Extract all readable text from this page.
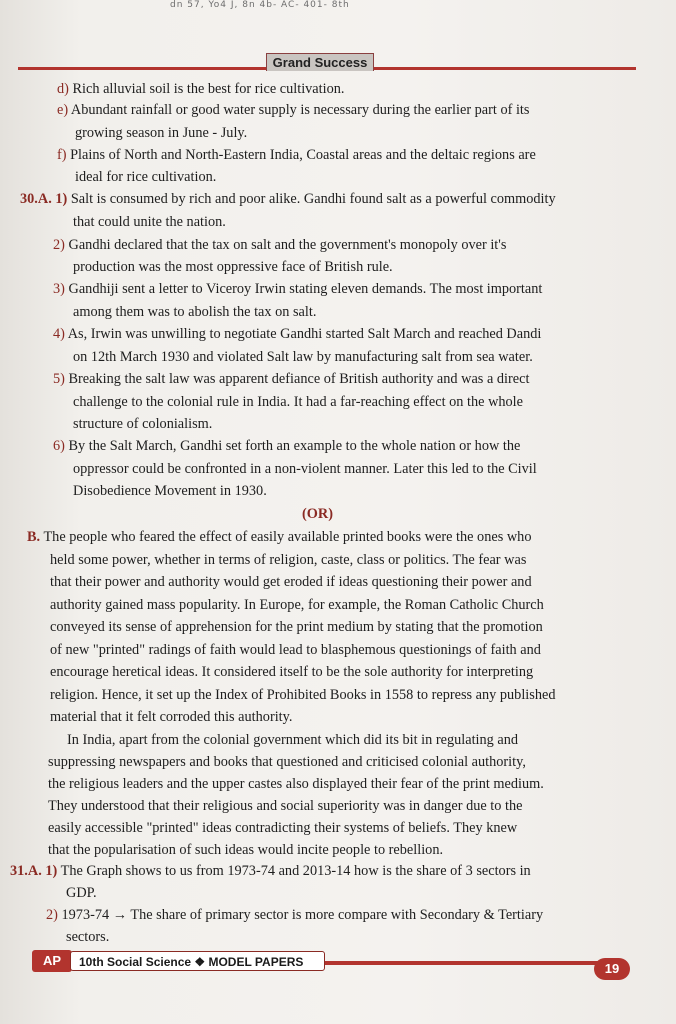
dn 57, Yo4 J, 8n 4b- AC- 401- 8th
Grand Success
d) Rich alluvial soil is the best for rice cultivation.
e) Abundant rainfall or good water supply is necessary during the earlier part of its
growing season in June - July.
f) Plains of North and North-Eastern India, Coastal areas and the deltaic regions are
ideal for rice cultivation.
30.A. 1) Salt is consumed by rich and poor alike. Gandhi found salt as a powerful commodity
that could unite the nation.
2) Gandhi declared that the tax on salt and the government's monopoly over it's
production was the most oppressive face of British rule.
3) Gandhiji sent a letter to Viceroy Irwin stating eleven demands. The most important
among them was to abolish the tax on salt.
4) As, Irwin was unwilling to negotiate Gandhi started Salt March and reached Dandi
on 12th March 1930 and violated Salt law by manufacturing salt from sea water.
5) Breaking the salt law was apparent defiance of British authority and was a direct
challenge to the colonial rule in India. It had a far-reaching effect on the whole
structure of colonialism.
6) By the Salt March, Gandhi set forth an example to the whole nation or how the
oppressor could be confronted in a non-violent manner. Later this led to the Civil
Disobedience Movement in 1930.
B. The people who feared the effect of easily available printed books were the ones who
held some power, whether in terms of religion, caste, class or politics. The fear was
that their power and authority would get eroded if ideas questioning their power and
authority gained mass popularity. In Europe, for example, the Roman Catholic Church
conveyed its sense of apprehension for the print medium by stating that the promotion
of new "printed" radings of faith would lead to blasphemous questionings of faith and
encourage heretical ideas. It considered itself to be the sole authority for interpreting
religion. Hence, it set up the Index of Prohibited Books in 1558 to repress any published
material that it felt corroded this authority.
In India, apart from the colonial government which did its bit in regulating and
suppressing newspapers and books that questioned and criticised colonial authority,
the religious leaders and the upper castes also displayed their fear of the print medium.
They understood that their religious and social superiority was in danger due to the
easily accessible "printed" ideas contradicting their systems of beliefs. They knew
that the popularisation of such ideas would incite people to rebellion.
31.A. 1) The Graph shows to us from 1973-74 and 2013-14 how is the share of 3 sectors in
GDP.
2) 1973-74 → The share of primary sector is more compare with Secondary & Tertiary
sectors.
(OR)
AP	10th Social Science ❖ MODEL PAPERS	19
